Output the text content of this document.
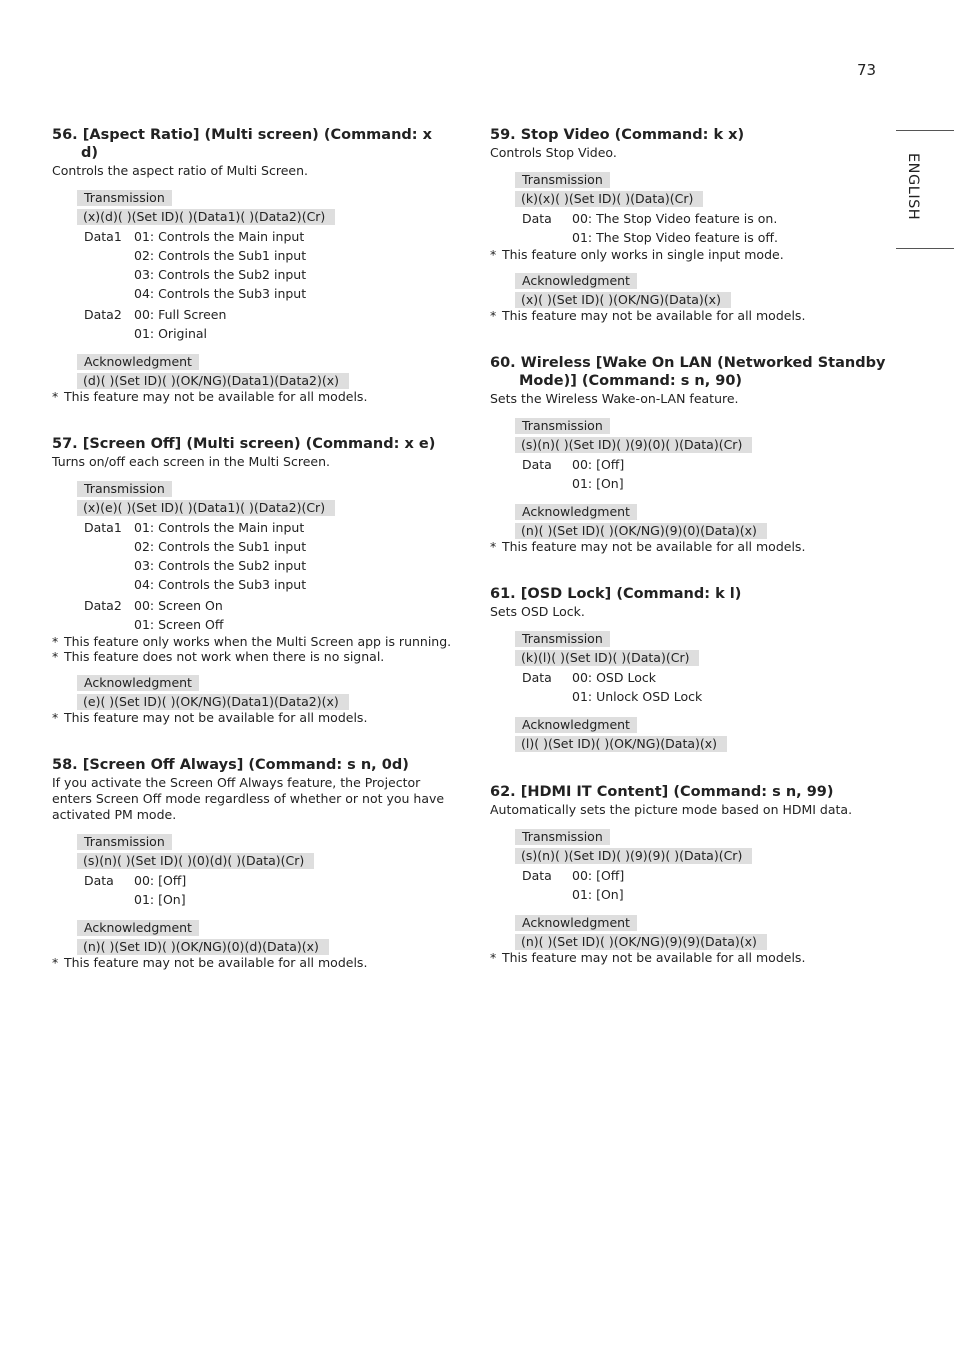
73
ENGLISH
56. [Aspect Ratio] (Multi screen) (Command: x d)
Controls the aspect ratio of Multi Screen.
Transmission
(x)(d)( )(Set ID)( )(Data1)( )(Data2)(Cr)
Data1 01: Controls the Main input
02: Controls the Sub1 input
03: Controls the Sub2 input
04: Controls the Sub3 input
Data2 00: Full Screen
01: Original
Acknowledgment
(d)( )(Set ID)( )(OK/NG)(Data1)(Data2)(x)
* This feature may not be available for all models.
57. [Screen Off] (Multi screen) (Command: x e)
Turns on/off each screen in the Multi Screen.
Transmission
(x)(e)( )(Set ID)( )(Data1)( )(Data2)(Cr)
Data1 01: Controls the Main input
02: Controls the Sub1 input
03: Controls the Sub2 input
04: Controls the Sub3 input
Data2 00: Screen On
01: Screen Off
* This feature only works when the Multi Screen app is running.
* This feature does not work when there is no signal.
Acknowledgment
(e)( )(Set ID)( )(OK/NG)(Data1)(Data2)(x)
* This feature may not be available for all models.
58. [Screen Off Always] (Command: s n, 0d)
If you activate the Screen Off Always feature, the Projector enters Screen Off mode regardless of whether or not you have activated PM mode.
Transmission
(s)(n)( )(Set ID)( )(0)(d)( )(Data)(Cr)
Data	00: [Off]
01: [On]
Acknowledgment
(n)( )(Set ID)( )(OK/NG)(0)(d)(Data)(x)
* This feature may not be available for all models.
59. Stop Video (Command: k x)
Controls Stop Video.
Transmission
(k)(x)( )(Set ID)( )(Data)(Cr)
Data	00: The Stop Video feature is on.
01: The Stop Video feature is off.
* This feature only works in single input mode.
Acknowledgment
(x)( )(Set ID)( )(OK/NG)(Data)(x)
* This feature may not be available for all models.
60. Wireless [Wake On LAN (Networked Standby Mode)] (Command: s n, 90)
Sets the Wireless Wake-on-LAN feature.
Transmission
(s)(n)( )(Set ID)( )(9)(0)( )(Data)(Cr)
Data	00: [Off]
01: [On]
Acknowledgment
(n)( )(Set ID)( )(OK/NG)(9)(0)(Data)(x)
* This feature may not be available for all models.
61. [OSD Lock] (Command: k l)
Sets OSD Lock.
Transmission
(k)(l)( )(Set ID)( )(Data)(Cr)
Data	00: OSD Lock
01: Unlock OSD Lock
Acknowledgment
(l)( )(Set ID)( )(OK/NG)(Data)(x)
62. [HDMI IT Content] (Command: s n, 99)
Automatically sets the picture mode based on HDMI data.
Transmission
(s)(n)( )(Set ID)( )(9)(9)( )(Data)(Cr)
Data	00: [Off]
01: [On]
Acknowledgment
(n)( )(Set ID)( )(OK/NG)(9)(9)(Data)(x)
* This feature may not be available for all models.
